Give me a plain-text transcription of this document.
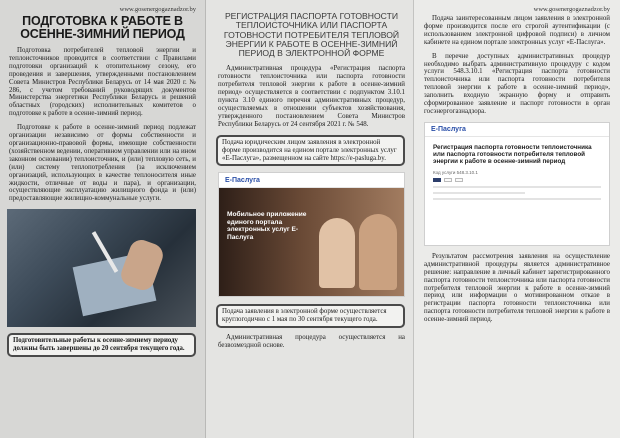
www.gosenergogaznadzor.by
ПОДГОТОВКА К РАБОТЕ В ОСЕННЕ-ЗИМНИЙ ПЕРИОД

Подготовка потребителей тепловой энергии и теплоисточников проводится в соответствии с Правилами подготовки организаций к отопительному сезону, его проведения и завершения, утвержденными постановлением Совета Министров Республики Беларусь от 14 мая 2020 г. № 286, с учетом требований руководящих документов Министерства энергетики Республики Беларусь и решений областных (городских) исполнительных комитетов о подготовке к работе в осенне-зимний период.

Подготовке к работе в осенне-зимний период подлежат организации независимо от формы собственности и организационно-правовой формы, имеющие собственности (хозяйственном ведении, оперативном управлении или на ином законном основании) теплоисточник, и (или) тепловую сеть, и (или) систему теплопотребления (за исключением организаций, использующих в качестве теплоносителя иные жидкости, отличные от воды и пара), и организации, осуществляющие эксплуатацию жилищного фонда и (или) предоставляющие жилищно-коммунальные услуги.

Подготовительные работы к осенне-зимнему периоду должны быть завершены до 20 сентября текущего года.
РЕГИСТРАЦИЯ ПАСПОРТА ГОТОВНОСТИ ТЕПЛОИСТОЧНИКА ИЛИ ПАСПОРТА ГОТОВНОСТИ ПОТРЕБИТЕЛЯ ТЕПЛОВОЙ ЭНЕРГИИ К РАБОТЕ В ОСЕННЕ-ЗИМНИЙ ПЕРИОД В ЭЛЕКТРОННОЙ ФОРМЕ

Административная процедура «Регистрация паспорта готовности теплоисточника или паспорта готовности потребителя тепловой энергии к работе в осенне-зимний период» осуществляется в соответствии с подпунктом 3.10.1 пункта 3.10 единого перечня административных процедур, осуществляемых в отношении субъектов хозяйствования, утвержденного постановлением Совета Министров Республики Беларусь от 24 сентября 2021 г. № 548.

Подача юридическим лицом заявления в электронной форме производится на едином портале электронных услуг «Е-Паслуга», размещенном на сайте https://e-pasluga.by.
Е-Паслуга
Мобильное приложение единого портала электронных услуг Е-Паслуга
Подача заявления в электронной форме осуществляется круглогодично с 1 мая по 30 сентября текущего года.

Административная процедура осуществляется на безвозмездной основе.

www.gosenergogaznadzor.by

Подача заинтересованным лицом заявления в электронной форме производится после его строгой аутентификации (с использованием электронной цифровой подписи) в личном кабинете на едином портале электронных услуг «Е-Паслуга».

В перечне доступных административных процедур необходимо выбрать административную процедуру с кодом услуги 548.3.10.1 «Регистрация паспорта готовности теплоисточника или паспорта готовности потребителя тепловой энергии к работе в осенне-зимний период», заполнить входную экранную форму и отправить сформированное заявление и паспорт готовности в орган госэнергогазнадзора.

Е-Паслуга
Регистрация паспорта готовности теплоисточника или паспорта готовности потребителя тепловой энергии к работе в осенне-зимний период
Код услуги 548.3.10.1

Результатом рассмотрения заявления на осуществление административной процедуры является административное решение: направление в личный кабинет зарегистрированного паспорта готовности теплоисточника или паспорта готовности потребителя тепловой энергии к работе в осенне-зимний период или информации о мотивированном отказе в регистрации паспорта готовности теплоисточника или паспорта готовности потребителя тепловой энергии к работе в осенне-зимний период.
